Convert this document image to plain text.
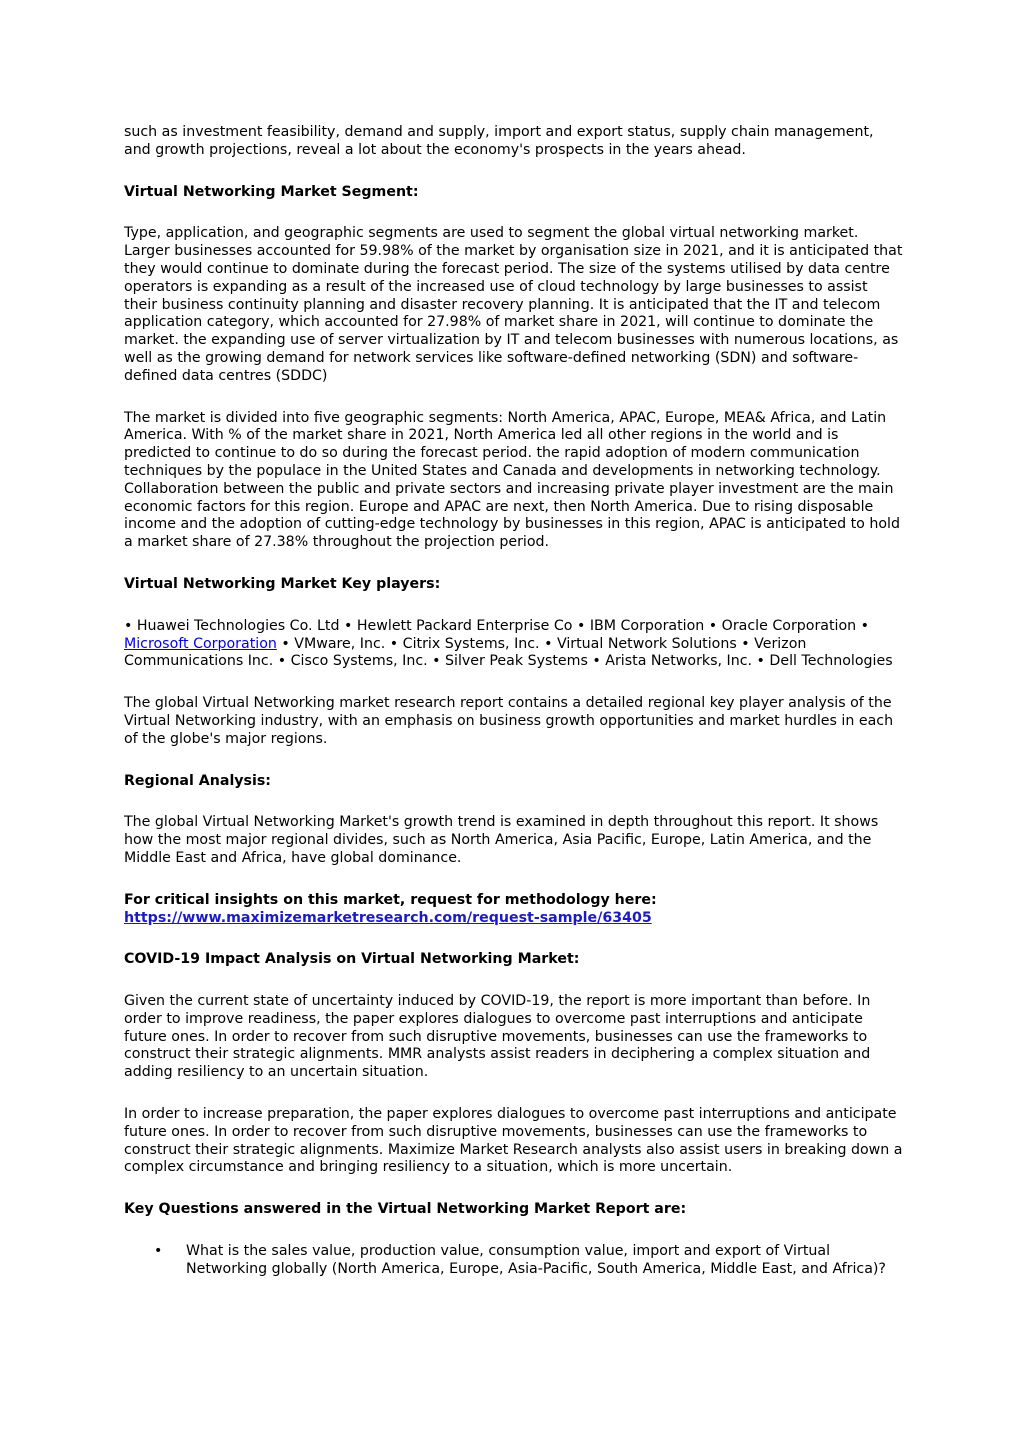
such as investment feasibility, demand and supply, import and export status, supply chain management, and growth projections, reveal a lot about the economy's prospects in the years ahead.

Virtual Networking Market Segment:

Type, application, and geographic segments are used to segment the global virtual networking market. Larger businesses accounted for 59.98% of the market by organisation size in 2021, and it is anticipated that they would continue to dominate during the forecast period. The size of the systems utilised by data centre operators is expanding as a result of the increased use of cloud technology by large businesses to assist their business continuity planning and disaster recovery planning. It is anticipated that the IT and telecom application category, which accounted for 27.98% of market share in 2021, will continue to dominate the market. the expanding use of server virtualization by IT and telecom businesses with numerous locations, as well as the growing demand for network services like software-defined networking (SDN) and software-defined data centres (SDDC)

The market is divided into five geographic segments: North America, APAC, Europe, MEA& Africa, and Latin America. With % of the market share in 2021, North America led all other regions in the world and is predicted to continue to do so during the forecast period. the rapid adoption of modern communication techniques by the populace in the United States and Canada and developments in networking technology. Collaboration between the public and private sectors and increasing private player investment are the main economic factors for this region. Europe and APAC are next, then North America. Due to rising disposable income and the adoption of cutting-edge technology by businesses in this region, APAC is anticipated to hold a market share of 27.38% throughout the projection period.

Virtual Networking Market Key players:

• Huawei Technologies Co. Ltd • Hewlett Packard Enterprise Co • IBM Corporation • Oracle Corporation • Microsoft Corporation • VMware, Inc. • Citrix Systems, Inc. • Virtual Network Solutions • Verizon Communications Inc. • Cisco Systems, Inc. • Silver Peak Systems • Arista Networks, Inc. • Dell Technologies

The global Virtual Networking market research report contains a detailed regional key player analysis of the Virtual Networking industry, with an emphasis on business growth opportunities and market hurdles in each of the globe's major regions.

Regional Analysis:

The global Virtual Networking Market's growth trend is examined in depth throughout this report. It shows how the most major regional divides, such as North America, Asia Pacific, Europe, Latin America, and the Middle East and Africa, have global dominance.

For critical insights on this market, request for methodology here: https://www.maximizemarketresearch.com/request-sample/63405

COVID-19 Impact Analysis on Virtual Networking Market:

Given the current state of uncertainty induced by COVID-19, the report is more important than before. In order to improve readiness, the paper explores dialogues to overcome past interruptions and anticipate future ones. In order to recover from such disruptive movements, businesses can use the frameworks to construct their strategic alignments. MMR analysts assist readers in deciphering a complex situation and adding resiliency to an uncertain situation.

In order to increase preparation, the paper explores dialogues to overcome past interruptions and anticipate future ones. In order to recover from such disruptive movements, businesses can use the frameworks to construct their strategic alignments. Maximize Market Research analysts also assist users in breaking down a complex circumstance and bringing resiliency to a situation, which is more uncertain.

Key Questions answered in the Virtual Networking Market Report are:

• What is the sales value, production value, consumption value, import and export of Virtual Networking globally (North America, Europe, Asia-Pacific, South America, Middle East, and Africa)?
